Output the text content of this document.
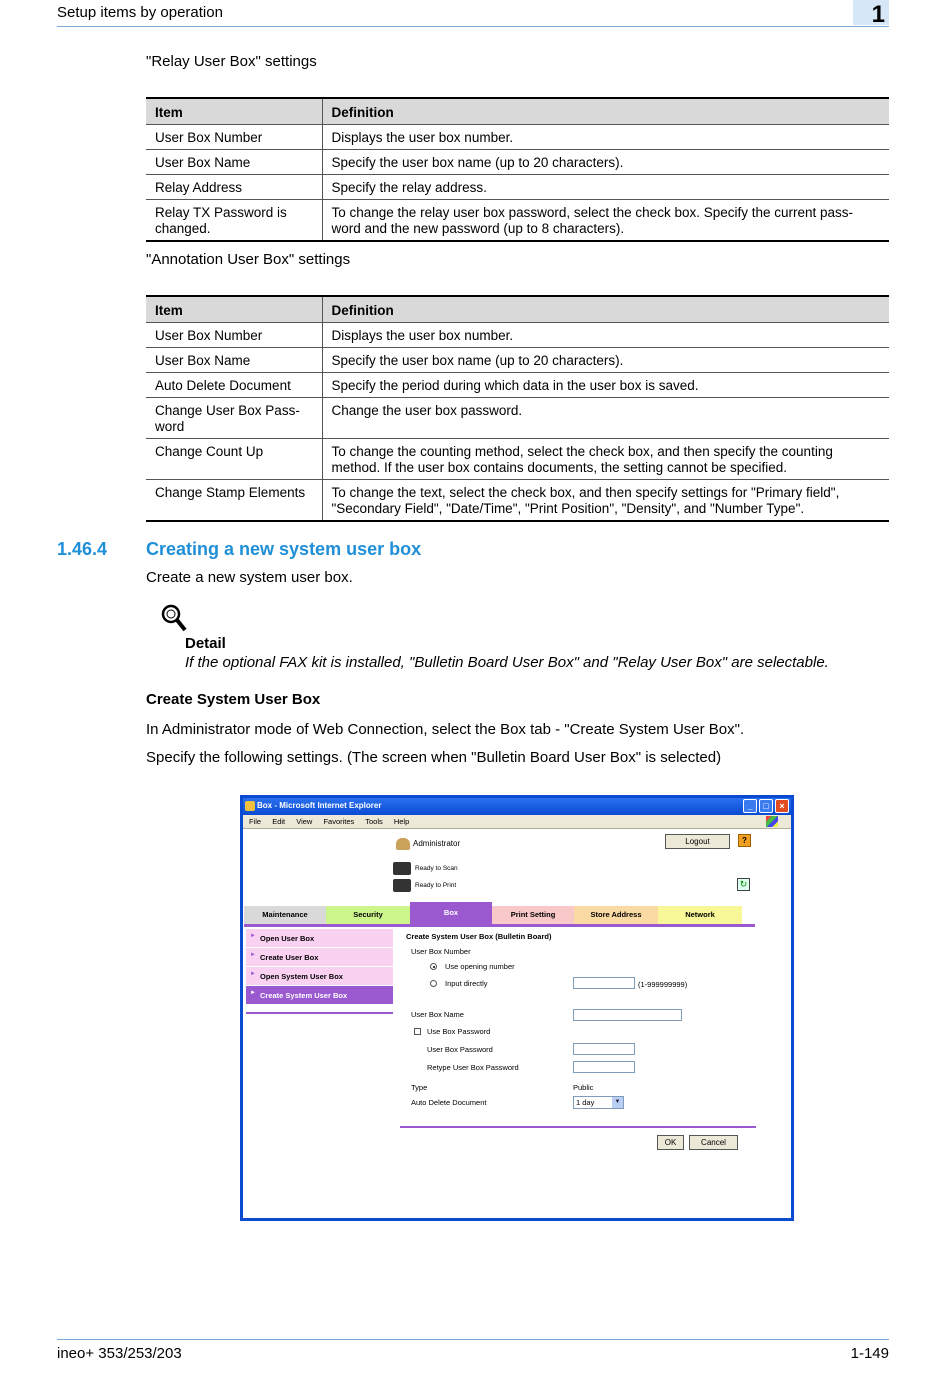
Setup items by operation	1
"Relay User Box" settings
Item	Definition
User Box Number	Displays the user box number.
User Box Name	Specify the user box name (up to 20 characters).
Relay Address	Specify the relay address.
Relay TX Password is changed.	To change the relay user box password, select the check box. Specify the current pass-word and the new password (up to 8 characters).
"Annotation User Box" settings
Item	Definition
User Box Number	Displays the user box number.
User Box Name	Specify the user box name (up to 20 characters).
Auto Delete Document	Specify the period during which data in the user box is saved.
Change User Box Pass-word	Change the user box password.
Change Count Up	To change the counting method, select the check box, and then specify the counting method. If the user box contains documents, the setting cannot be specified.
Change Stamp Elements	To change the text, select the check box, and then specify settings for "Primary field", "Secondary Field", "Date/Time", "Print Position", "Density", and "Number Type".
1.46.4 Creating a new system user box
Create a new system user box.
Detail
If the optional FAX kit is installed, "Bulletin Board User Box" and "Relay User Box" are selectable.
Create System User Box
In Administrator mode of Web Connection, select the Box tab - "Create System User Box".
Specify the following settings. (The screen when "Bulletin Board User Box" is selected)
Box - Microsoft Internet Explorer	_	□	×
File Edit View Favorites Tools Help
Administrator	Logout	?
Ready to Scan
Ready to Print	↻
Maintenance	Security	Box	Print Setting	Store Address	Network
► Open User Box
► Create User Box
► Open System User Box
► Create System User Box
Create System User Box (Bulletin Board)
User Box Number
Use opening number
Input directly	(1-999999999)
User Box Name
Use Box Password
User Box Password
Retype User Box Password
Type	Public
Auto Delete Document	1 day	▼
OK	Cancel
ineo+ 353/253/203	1-149
